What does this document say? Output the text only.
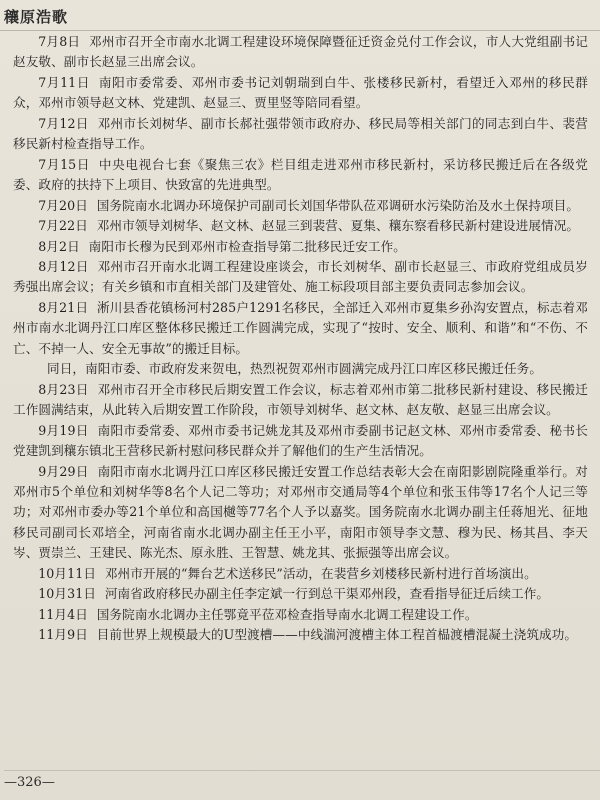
穰原浩歌

7月8日 邓州市召开全市南水北调工程建设环境保障暨征迁资金兑付工作会议，市人大党组副书记赵友敬、副市长赵显三出席会议。

7月11日 南阳市委常委、邓州市委书记刘朝瑞到白牛、张楼移民新村，看望迁入邓州的移民群众，邓州市领导赵文林、党建凯、赵显三、贾里竖等陪同看望。

7月12日 邓州市长刘树华、副市长郝社强带领市政府办、移民局等相关部门的同志到白牛、裴营移民新村检查指导工作。

7月15日 中央电视台七套《聚焦三农》栏目组走进邓州市移民新村，采访移民搬迁后在各级党委、政府的扶持下上项目、快致富的先进典型。

7月20日 国务院南水北调办环境保护司副司长刘国华带队莅邓调研水污染防治及水土保持项目。

7月22日 邓州市领导刘树华、赵文林、赵显三到裴营、夏集、穰东察看移民新村建设进展情况。

8月2日 南阳市长穆为民到邓州市检查指导第二批移民迁安工作。

8月12日 邓州市召开南水北调工程建设座谈会，市长刘树华、副市长赵显三、市政府党组成员岁秀强出席会议；有关乡镇和市直相关部门及建管处、施工标段项目部主要负责同志参加会议。

8月21日 淅川县香花镇杨河村285户1291名移民，全部迁入邓州市夏集乡孙沟安置点，标志着邓州市南水北调丹江口库区整体移民搬迁工作圆满完成，实现了“按时、安全、顺利、和谐”和“不伤、不亡、不掉一人、安全无事故”的搬迁目标。

同日，南阳市委、市政府发来贺电，热烈祝贺邓州市圆满完成丹江口库区移民搬迁任务。

8月23日 邓州市召开全市移民后期安置工作会议，标志着邓州市第二批移民新村建设、移民搬迁工作圆满结束，从此转入后期安置工作阶段，市领导刘树华、赵文林、赵友敬、赵显三出席会议。

9月19日 南阳市委常委、邓州市委书记姚龙其及邓州市委副书记赵文林、邓州市委常委、秘书长党建凯到穰东镇北王营移民新村慰问移民群众并了解他们的生产生活情况。

9月29日 南阳市南水北调丹江口库区移民搬迁安置工作总结表彰大会在南阳影剧院隆重举行。对邓州市5个单位和刘树华等8名个人记二等功；对邓州市交通局等4个单位和张玉伟等17名个人记三等功；对邓州市委办等21个单位和高国樾等77名个人予以嘉奖。国务院南水北调办副主任蒋旭光、征地移民司副司长邓培全，河南省南水北调办副主任王小平，南阳市领导李文慧、穆为民、杨其昌、李天岑、贾崇兰、王建民、陈光杰、原永胜、王智慧、姚龙其、张振强等出席会议。

10月11日 邓州市开展的“舞台艺术送移民”活动，在裴营乡刘楼移民新村进行首场演出。

10月31日 河南省政府移民办副主任李定斌一行到总干渠邓州段，查看指导征迁后续工作。

11月4日 国务院南水北调办主任鄂竟平莅邓检查指导南水北调工程建设工作。

11月9日 目前世界上规模最大的U型渡槽——中线湍河渡槽主体工程首榀渡槽混凝土浇筑成功。

—326—
